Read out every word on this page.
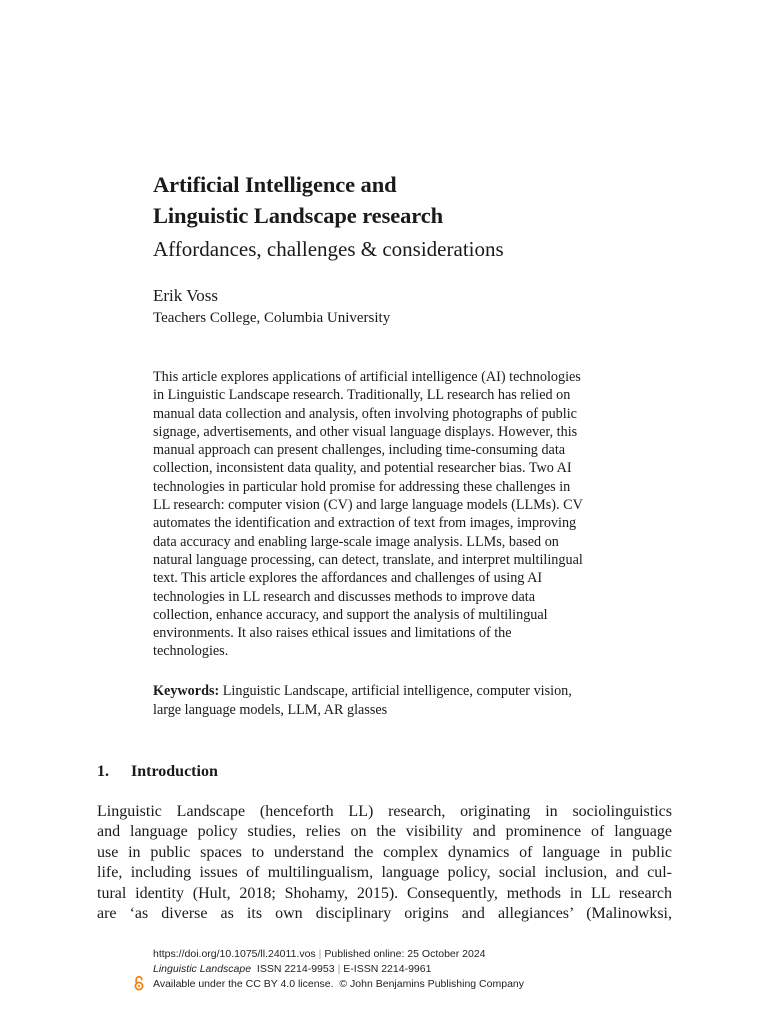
Artificial Intelligence and
Linguistic Landscape research
Affordances, challenges & considerations
Erik Voss
Teachers College, Columbia University
This article explores applications of artificial intelligence (AI) technologies
in Linguistic Landscape research. Traditionally, LL research has relied on
manual data collection and analysis, often involving photographs of public
signage, advertisements, and other visual language displays. However, this
manual approach can present challenges, including time-consuming data
collection, inconsistent data quality, and potential researcher bias. Two AI
technologies in particular hold promise for addressing these challenges in
LL research: computer vision (CV) and large language models (LLMs). CV
automates the identification and extraction of text from images, improving
data accuracy and enabling large-scale image analysis. LLMs, based on
natural language processing, can detect, translate, and interpret multilingual
text. This article explores the affordances and challenges of using AI
technologies in LL research and discusses methods to improve data
collection, enhance accuracy, and support the analysis of multilingual
environments. It also raises ethical issues and limitations of the
technologies.
Keywords: Linguistic Landscape, artificial intelligence, computer vision,
large language models, LLM, AR glasses
1. Introduction
Linguistic Landscape (henceforth LL) research, originating in sociolinguistics
and language policy studies, relies on the visibility and prominence of language
use in public spaces to understand the complex dynamics of language in public
life, including issues of multilingualism, language policy, social inclusion, and cul-
tural identity (Hult, 2018; Shohamy, 2015). Consequently, methods in LL research
are ‘as diverse as its own disciplinary origins and allegiances’ (Malinowksi,
https://doi.org/10.1075/ll.24011.vos | Published online: 25 October 2024
Linguistic Landscape ISSN 2214-9953 | E-ISSN 2214-9961
Available under the CC BY 4.0 license. © John Benjamins Publishing Company
